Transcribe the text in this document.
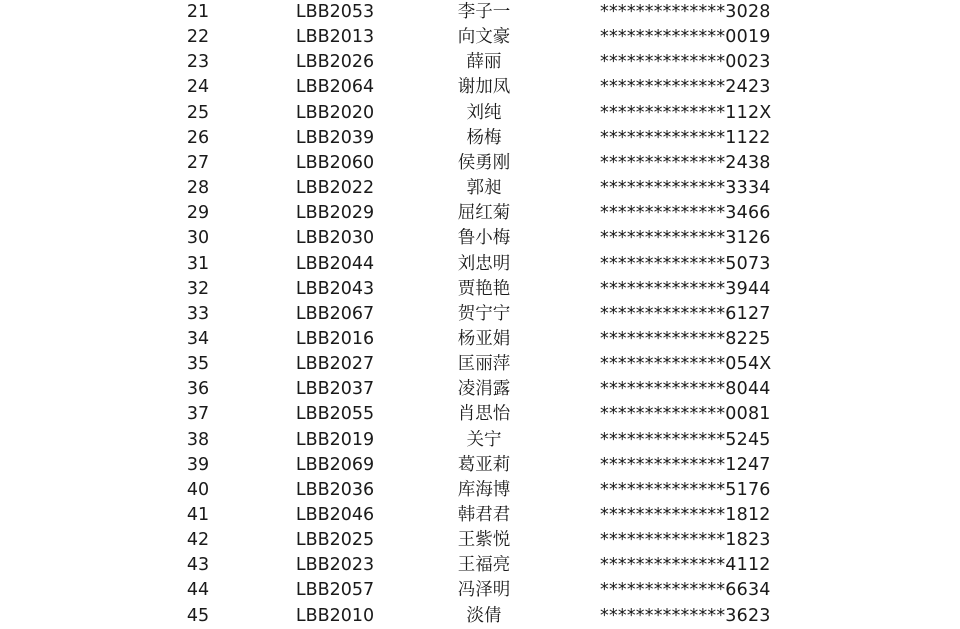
21	LBB2053	李子一	**************3028
22	LBB2013	向文豪	**************0019
23	LBB2026	薛丽	**************0023
24	LBB2064	谢加凤	**************2423
25	LBB2020	刘纯	**************112X
26	LBB2039	杨梅	**************1122
27	LBB2060	侯勇刚	**************2438
28	LBB2022	郭昶	**************3334
29	LBB2029	屈红菊	**************3466
30	LBB2030	鲁小梅	**************3126
31	LBB2044	刘忠明	**************5073
32	LBB2043	贾艳艳	**************3944
33	LBB2067	贺宁宁	**************6127
34	LBB2016	杨亚娟	**************8225
35	LBB2027	匡丽萍	**************054X
36	LBB2037	凌涓露	**************8044
37	LBB2055	肖思怡	**************0081
38	LBB2019	关宁	**************5245
39	LBB2069	葛亚莉	**************1247
40	LBB2036	库海博	**************5176
41	LBB2046	韩君君	**************1812
42	LBB2025	王紫悦	**************1823
43	LBB2023	王福亮	**************4112
44	LBB2057	冯泽明	**************6634
45	LBB2010	淡倩	**************3623
